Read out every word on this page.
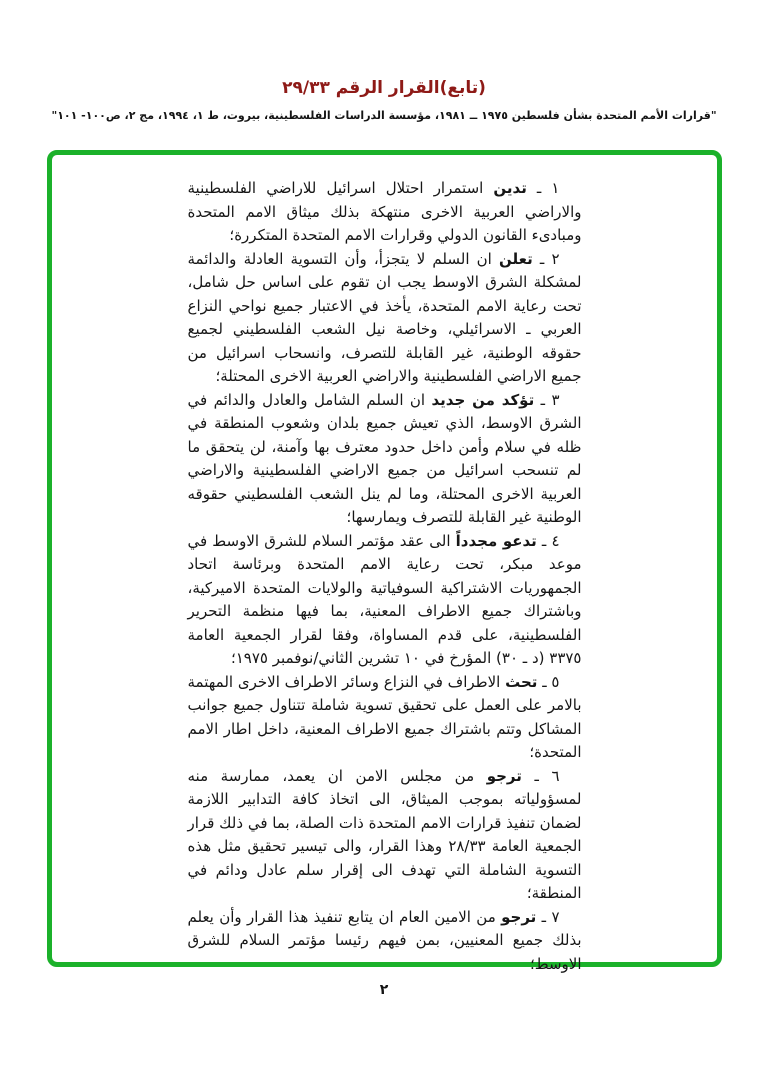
(تابع)القرار الرقم ٢٩/٣٣
"قرارات الأمم المتحدة بشأن فلسطين ١٩٧٥ ــ ١٩٨١، مؤسسة الدراسات الفلسطينية، بيروت، ط ١، ١٩٩٤، مج ٢، ص١٠٠- ١٠١"

١ ـ تدين استمرار احتلال اسرائيل للاراضي الفلسطينية والاراضي العربية الاخرى منتهكة بذلك ميثاق الامم المتحدة ومبادىء القانون الدولي وقرارات الامم المتحدة المتكررة؛

٢ ـ تعلن ان السلم لا يتجزأ، وأن التسوية العادلة والدائمة لمشكلة الشرق الاوسط يجب ان تقوم على اساس حل شامل، تحت رعاية الامم المتحدة، يأخذ في الاعتبار جميع نواحي النزاع العربي ـ الاسرائيلي، وخاصة نيل الشعب الفلسطيني لجميع حقوقه الوطنية، غير القابلة للتصرف، وانسحاب اسرائيل من جميع الاراضي الفلسطينية والاراضي العربية الاخرى المحتلة؛

٣ ـ تؤكد من جديد ان السلم الشامل والعادل والدائم في الشرق الاوسط، الذي تعيش جميع بلدان وشعوب المنطقة في ظله في سلام وأمن داخل حدود معترف بها وآمنة، لن يتحقق ما لم تنسحب اسرائيل من جميع الاراضي الفلسطينية والاراضي العربية الاخرى المحتلة، وما لم ينل الشعب الفلسطيني حقوقه الوطنية غير القابلة للتصرف ويمارسها؛

٤ ـ تدعو مجدداً الى عقد مؤتمر السلام للشرق الاوسط في موعد مبكر، تحت رعاية الامم المتحدة وبرئاسة اتحاد الجمهوريات الاشتراكية السوفياتية والولايات المتحدة الاميركية، وباشتراك جميع الاطراف المعنية، بما فيها منظمة التحرير الفلسطينية، على قدم المساواة، وفقا لقرار الجمعية العامة ٣٣٧٥ (د ـ ٣٠) المؤرخ في ١٠ تشرين الثاني/نوفمبر ١٩٧٥؛

٥ ـ تحث الاطراف في النزاع وسائر الاطراف الاخرى المهتمة بالامر على العمل على تحقيق تسوية شاملة تتناول جميع جوانب المشاكل وتتم باشتراك جميع الاطراف المعنية، داخل اطار الامم المتحدة؛

٦ ـ ترجو من مجلس الامن ان يعمد، ممارسة منه لمسؤولياته بموجب الميثاق، الى اتخاذ كافة التدابير اللازمة لضمان تنفيذ قرارات الامم المتحدة ذات الصلة، بما في ذلك قرار الجمعية العامة ٢٨/٣٣ وهذا القرار، والى تيسير تحقيق مثل هذه التسوية الشاملة التي تهدف الى إقرار سلم عادل ودائم في المنطقة؛

٧ ـ ترجو من الامين العام ان يتابع تنفيذ هذا القرار وأن يعلم بذلك جميع المعنيين، بمن فيهم رئيسا مؤتمر السلام للشرق الاوسط؛

٢
